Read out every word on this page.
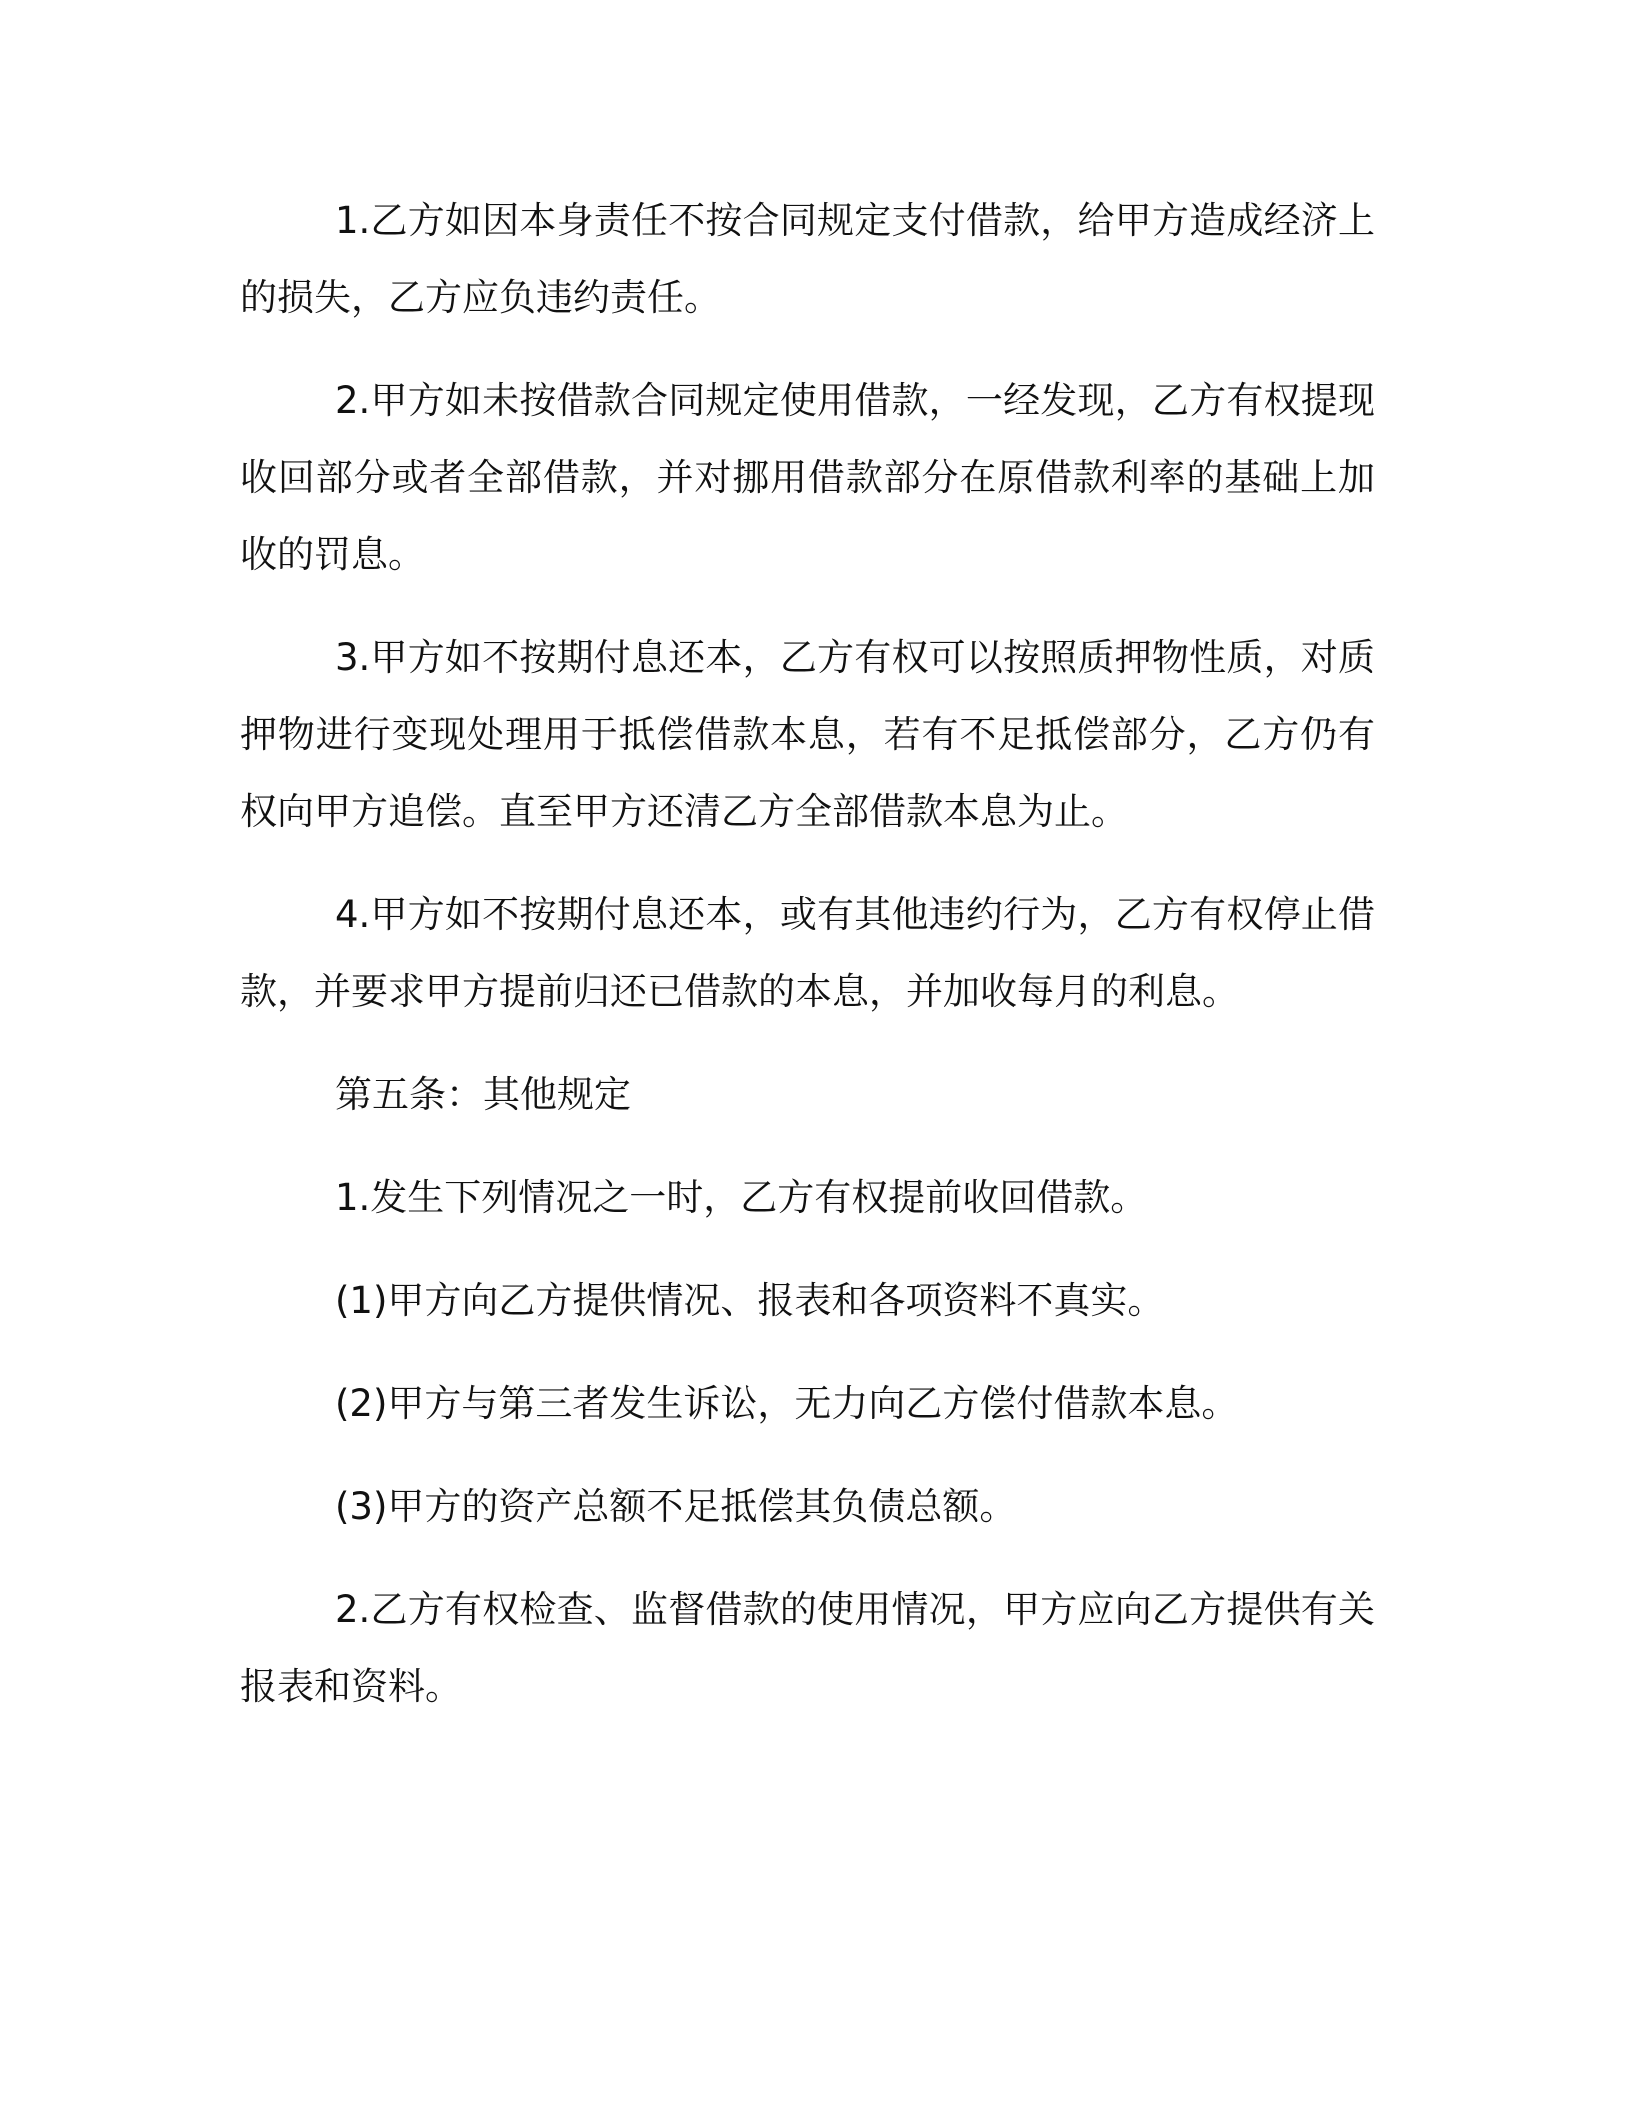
1.乙方如因本身责任不按合同规定支付借款，给甲方造成经济上的损失，乙方应负违约责任。

2.甲方如未按借款合同规定使用借款，一经发现，乙方有权提现收回部分或者全部借款，并对挪用借款部分在原借款利率的基础上加收的罚息。

3.甲方如不按期付息还本，乙方有权可以按照质押物性质，对质押物进行变现处理用于抵偿借款本息，若有不足抵偿部分，乙方仍有权向甲方追偿。直至甲方还清乙方全部借款本息为止。

4.甲方如不按期付息还本，或有其他违约行为，乙方有权停止借款，并要求甲方提前归还已借款的本息，并加收每月的利息。

第五条：其他规定

1.发生下列情况之一时，乙方有权提前收回借款。

(1)甲方向乙方提供情况、报表和各项资料不真实。

(2)甲方与第三者发生诉讼，无力向乙方偿付借款本息。

(3)甲方的资产总额不足抵偿其负债总额。

2.乙方有权检查、监督借款的使用情况，甲方应向乙方提供有关报表和资料。
